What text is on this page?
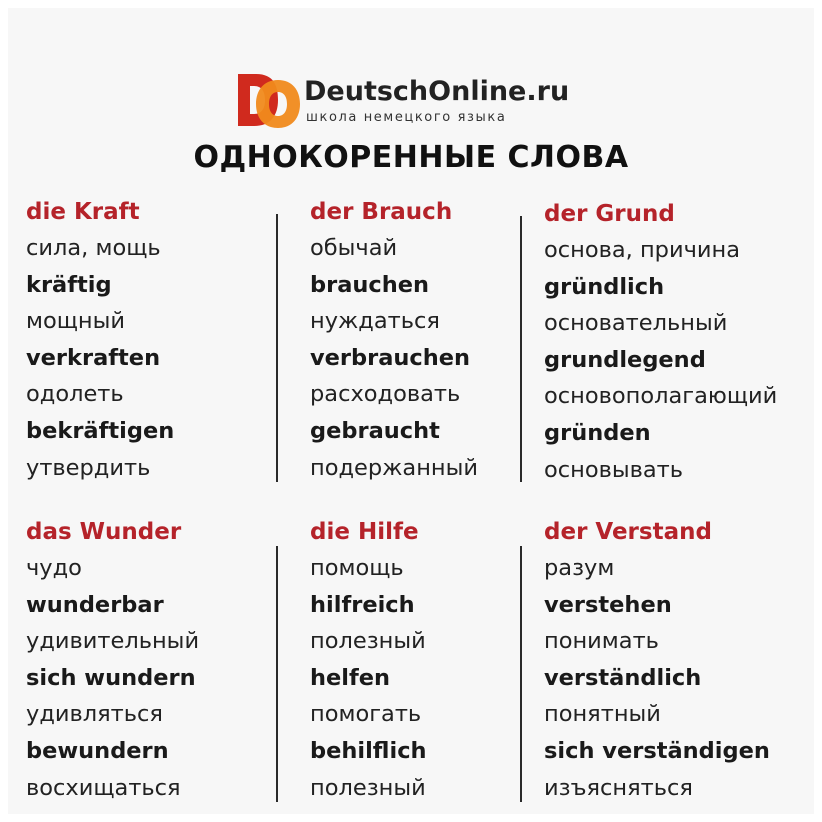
DeutschOnline.ru
школа немецкого языка
ОДНОКОРЕННЫЕ СЛОВА
die Kraft
сила, мощь
kräftig
мощный
verkraften
одолеть
bekräftigen
утвердить
der Brauch
обычай
brauchen
нуждаться
verbrauchen
расходовать
gebraucht
подержанный
der Grund
основа, причина
gründlich
основательный
grundlegend
основополагающий
gründen
основывать
das Wunder
чудо
wunderbar
удивительный
sich wundern
удивляться
bewundern
восхищаться
die Hilfe
помощь
hilfreich
полезный
helfen
помогать
behilflich
полезный
der Verstand
разум
verstehen
понимать
verständlich
понятный
sich verständigen
изъясняться
